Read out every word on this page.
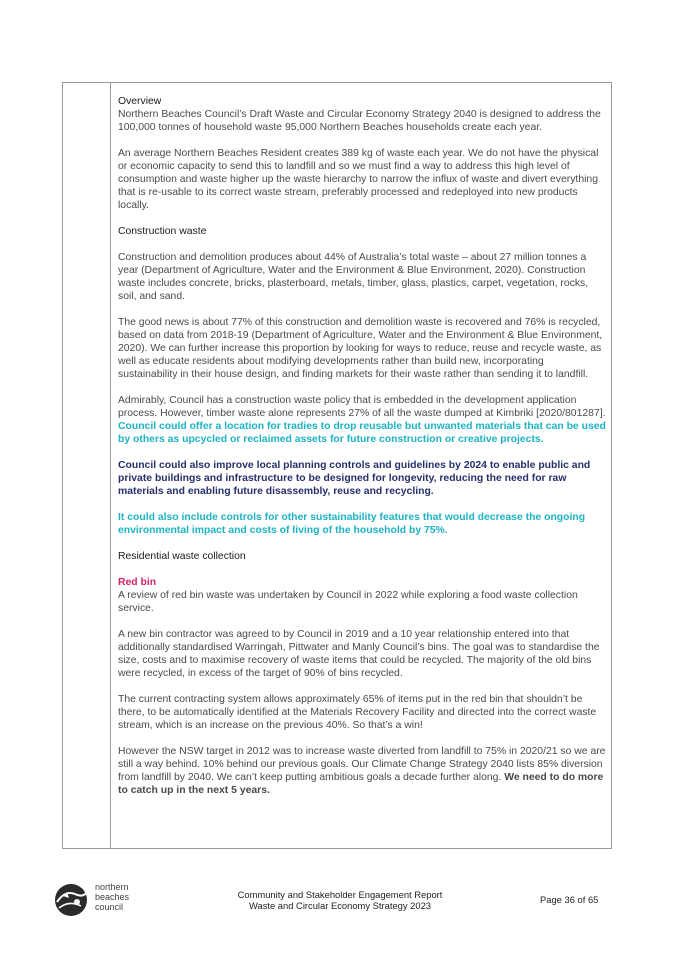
Overview

Northern Beaches Council’s Draft Waste and Circular Economy Strategy 2040 is designed to address the 100,000 tonnes of household waste 95,000 Northern Beaches households create each year.

An average Northern Beaches Resident creates 389 kg of waste each year. We do not have the physical or economic capacity to send this to landfill and so we must find a way to address this high level of consumption and waste higher up the waste hierarchy to narrow the influx of waste and divert everything that is re-usable to its correct waste stream, preferably processed and redeployed into new products locally.

Construction waste

Construction and demolition produces about 44% of Australia’s total waste – about 27 million tonnes a year (Department of Agriculture, Water and the Environment & Blue Environment, 2020). Construction waste includes concrete, bricks, plasterboard, metals, timber, glass, plastics, carpet, vegetation, rocks, soil, and sand.

The good news is about 77% of this construction and demolition waste is recovered and 76% is recycled, based on data from 2018-19 (Department of Agriculture, Water and the Environment & Blue Environment, 2020). We can further increase this proportion by looking for ways to reduce, reuse and recycle waste, as well as educate residents about modifying developments rather than build new, incorporating sustainability in their house design, and finding markets for their waste rather than sending it to landfill.

Admirably, Council has a construction waste policy that is embedded in the development application process. However, timber waste alone represents 27% of all the waste dumped at Kimbriki [2020/801287]. Council could offer a location for tradies to drop reusable but unwanted materials that can be used by others as upcycled or reclaimed assets for future construction or creative projects.

Council could also improve local planning controls and guidelines by 2024 to enable public and private buildings and infrastructure to be designed for longevity, reducing the need for raw materials and enabling future disassembly, reuse and recycling.

It could also include controls for other sustainability features that would decrease the ongoing environmental impact and costs of living of the household by 75%.

Residential waste collection

Red bin

A review of red bin waste was undertaken by Council in 2022 while exploring a food waste collection service.

A new bin contractor was agreed to by Council in 2019 and a 10 year relationship entered into that additionally standardised Warringah, Pittwater and Manly Council’s bins. The goal was to standardise the size, costs and to maximise recovery of waste items that could be recycled. The majority of the old bins were recycled, in excess of the target of 90% of bins recycled.

The current contracting system allows approximately 65% of items put in the red bin that shouldn’t be there, to be automatically identified at the Materials Recovery Facility and directed into the correct waste stream, which is an increase on the previous 40%. So that’s a win!

However the NSW target in 2012 was to increase waste diverted from landfill to 75% in 2020/21 so we are still a way behind. 10% behind our previous goals. Our Climate Change Strategy 2040 lists 85% diversion from landfill by 2040. We can’t keep putting ambitious goals a decade further along. We need to do more to catch up in the next 5 years.

northern
beaches
council
Community and Stakeholder Engagement Report
Waste and Circular Economy Strategy 2023
Page 36 of 65
